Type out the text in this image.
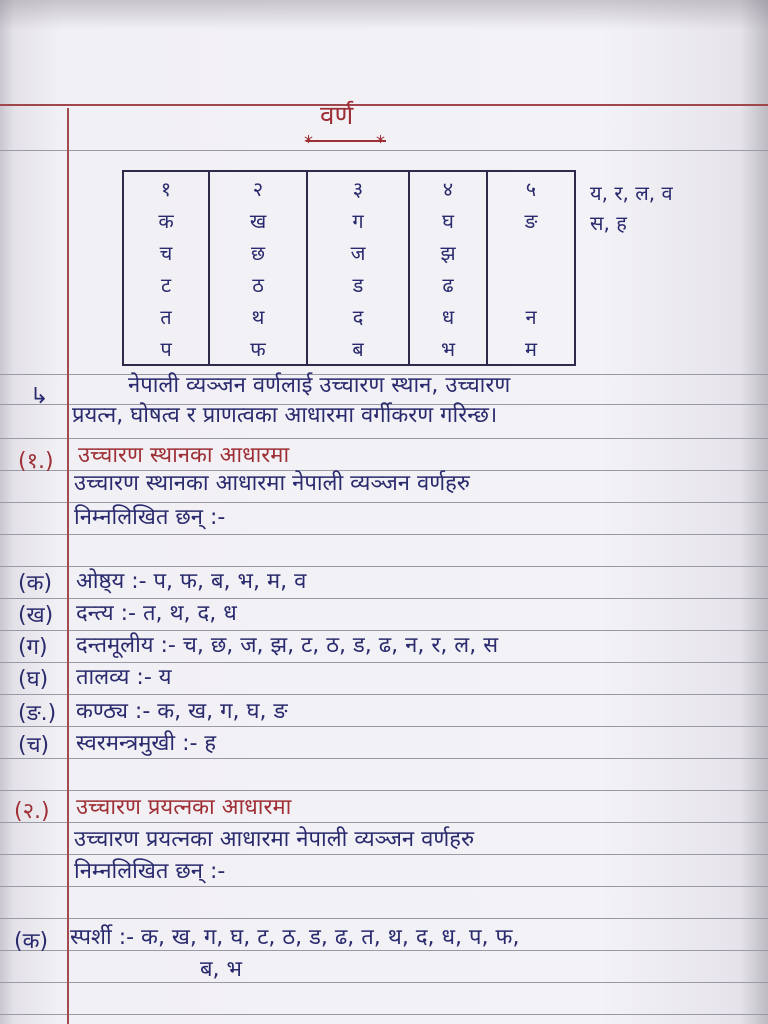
वर्ण
*	*
१	२	३	४	५
क	ख	ग	घ	ङ
च	छ	ज	झ	
ट	ठ	ड	ढ	
त	थ	द	ध	न
प	फ	ब	भ	म
य, र, ल, व
स, ह
↳	नेपाली व्यञ्जन वर्णलाई उच्चारण स्थान, उच्चारण
प्रयत्न, घोषत्व र प्राणत्वका आधारमा वर्गीकरण गरिन्छ।
(१.) उच्चारण स्थानका आधारमा
उच्चारण स्थानका आधारमा नेपाली व्यञ्जन वर्णहरु
निम्नलिखित छन् :-
(क) ओष्ठ्य :- प, फ, ब, भ, म, व
(ख) दन्त्य :- त, थ, द, ध
(ग) दन्तमूलीय :- च, छ, ज, झ, ट, ठ, ड, ढ, न, र, ल, स
(घ) तालव्य :- य
(ङ.) कण्ठ्य :- क, ख, ग, घ, ङ
(च) स्वरमन्त्रमुखी :- ह
(२.) उच्चारण प्रयत्नका आधारमा
उच्चारण प्रयत्नका आधारमा नेपाली व्यञ्जन वर्णहरु
निम्नलिखित छन् :-
(क) स्पर्शी :- क, ख, ग, घ, ट, ठ, ड, ढ, त, थ, द, ध, प, फ,
ब, भ
